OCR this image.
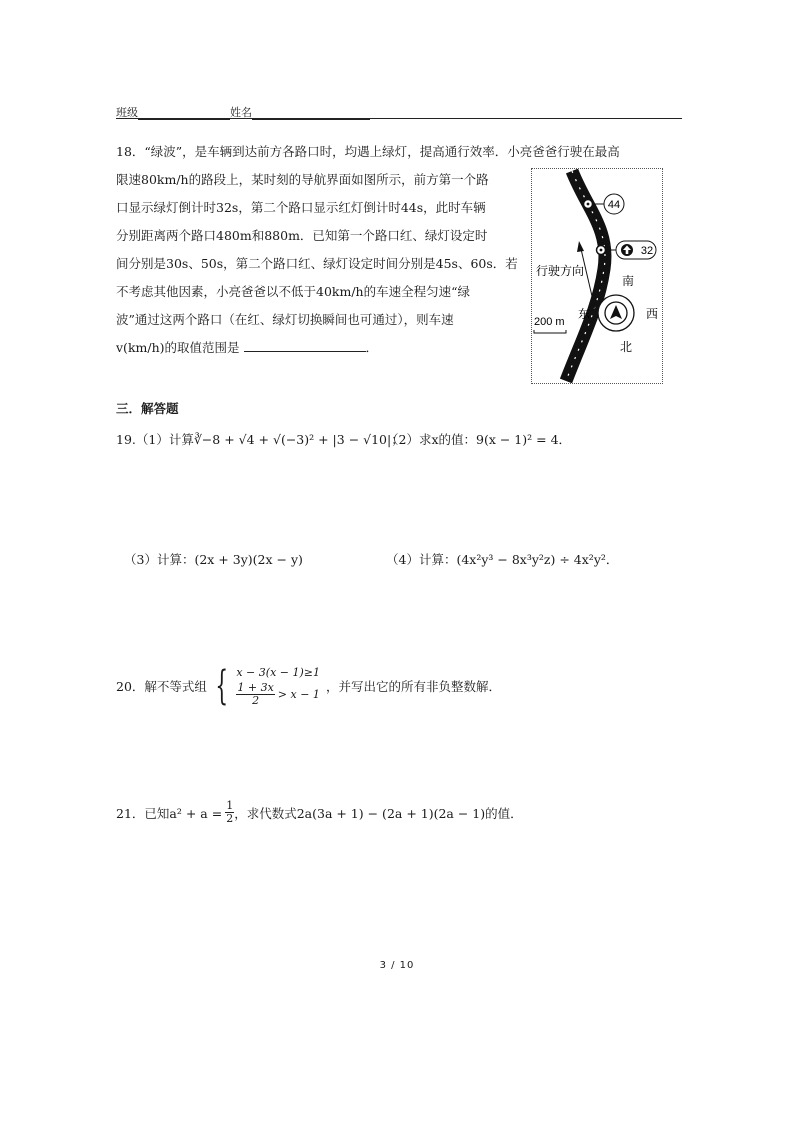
班级	姓名
18．“绿波”，是车辆到达前方各路口时，均遇上绿灯，提高通行效率．小亮爸爸行驶在最高
限速80km/h的路段上，某时刻的导航界面如图所示，前方第一个路
口显示绿灯倒计时32s，第二个路口显示红灯倒计时44s，此时车辆
分别距离两个路口480m和880m．已知第一个路口红、绿灯设定时
间分别是30s、50s，第二个路口红、绿灯设定时间分别是45s、60s．若
不考虑其他因素，小亮爸爸以不低于40km/h的车速全程匀速“绿
波”通过这两个路口（在红、绿灯切换瞬间也可通过），则车速
v(km/h)的取值范围是	．
44
32
行驶方向
南
东	西
北
200 m
三．解答题
19.（1）计算∛−8 + √4 + √(−3)² + |3 − √10|；
（2）求x的值：9(x − 1)² = 4．
（3）计算：(2x + 3y)(2x − y)	（4）计算：(4x²y³ − 8x³y²z) ÷ 4x²y²．
20．解不等式组 { x − 3(x − 1)≥1
$\frac{1 + 3x}{2} > x - 1$ ，并写出它的所有非负整数解．
21．已知$a^2 + a = \frac{1}{2}$ ，求代数式2a(3a + 1) − (2a + 1)(2a − 1)的值．
3 / 10
